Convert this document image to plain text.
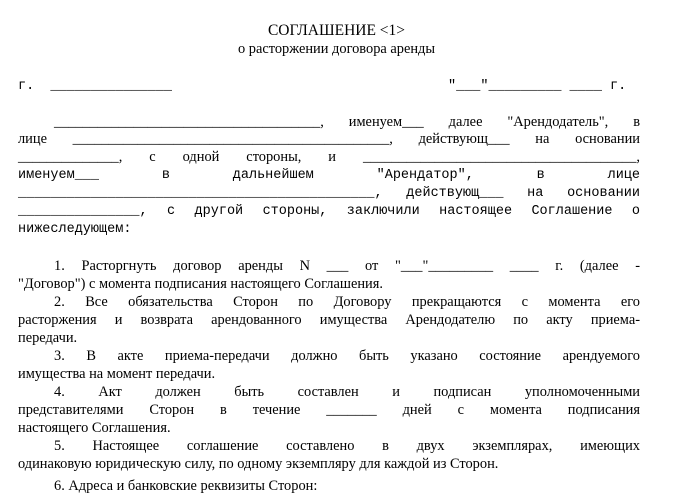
СОГЛАШЕНИЕ <1>
о расторжении договора аренды
г.  _______________	"___"_________ ____ г.
_____________________________________, именуем___ далее "Арендодатель", в
лице ____________________________________________, действующ___ на основании
______________, с одной стороны, и ______________________________________,
именуем___ в дальнейшем "Арендатор", в лице
____________________________________________, действующ___ на основании
_______________, с другой стороны, заключили настоящее Соглашение о
нижеследующем:
1. Расторгнуть договор аренды N ___ от "___"_________ ____ г. (далее -
"Договор") с момента подписания настоящего Соглашения.
2. Все обязательства Сторон по Договору прекращаются с момента его
расторжения и возврата арендованного имущества Арендодателю по акту приема-
передачи.
3. В акте приема-передачи должно быть указано состояние арендуемого
имущества на момент передачи.
4. Акт должен быть составлен и подписан уполномоченными
представителями Сторон в течение _______ дней с момента подписания
настоящего Соглашения.
5. Настоящее соглашение составлено в двух экземплярах, имеющих
одинаковую юридическую силу, по одному экземпляру для каждой из Сторон.
6. Адреса и банковские реквизиты Сторон:
